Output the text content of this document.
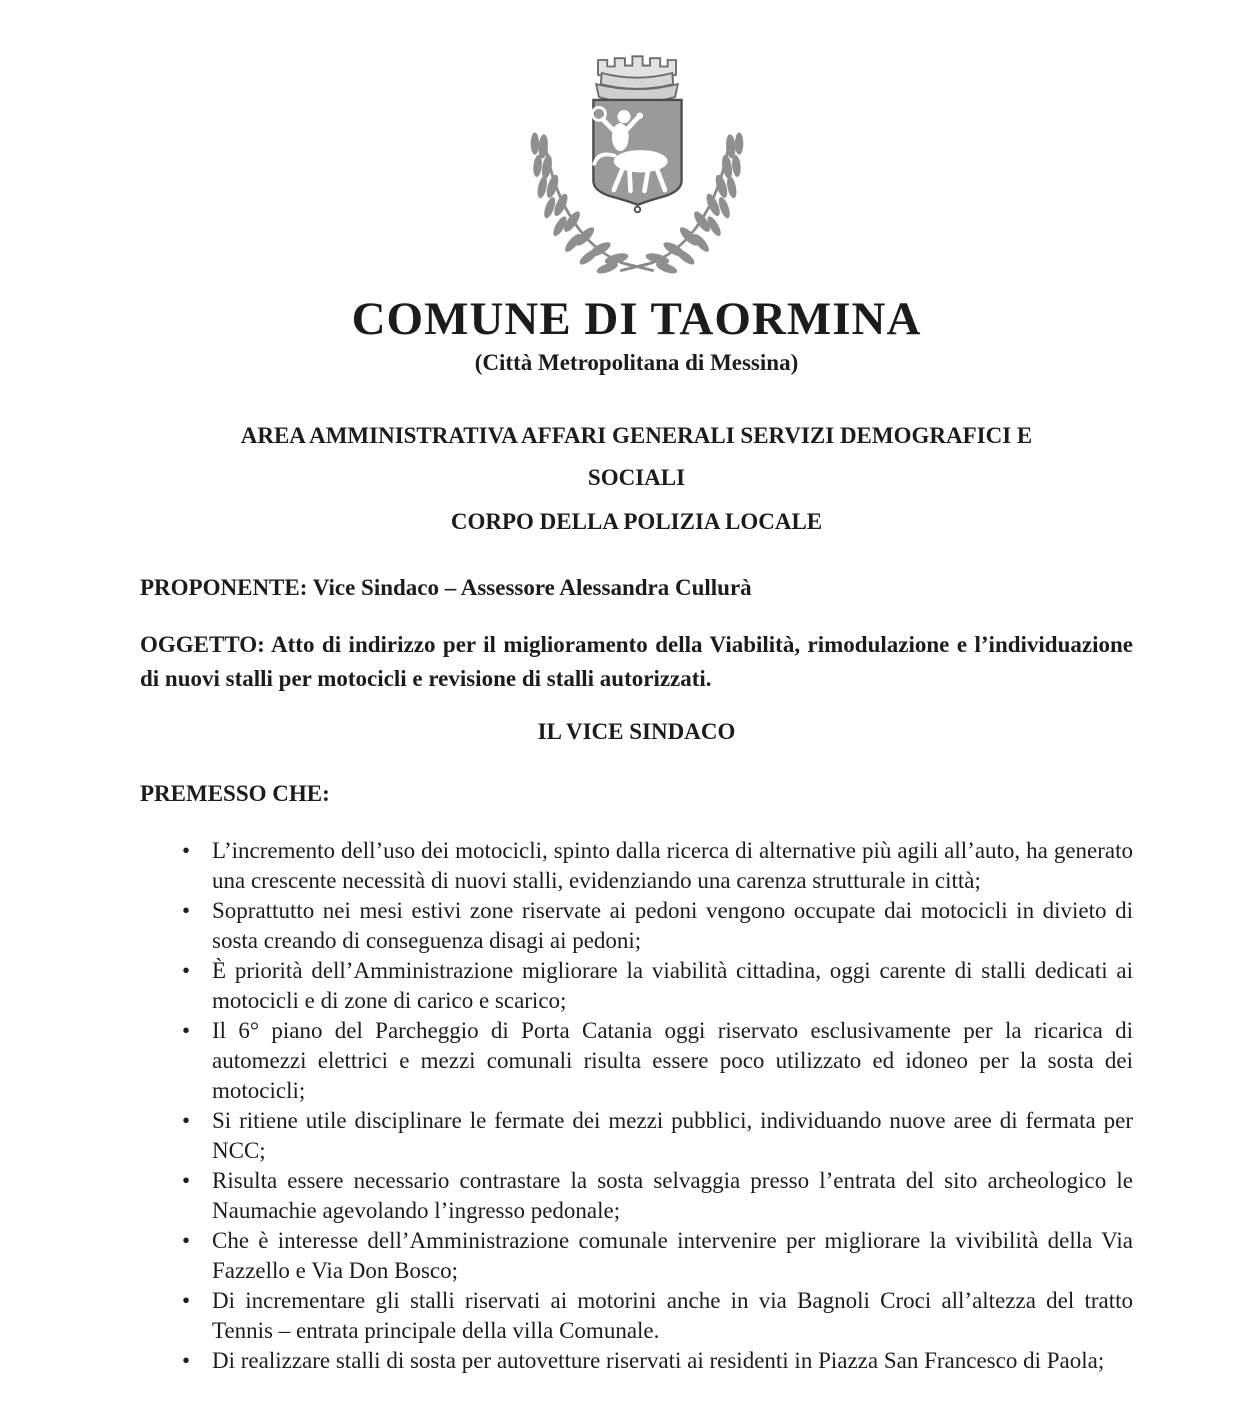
COMUNE DI TAORMINA
(Città Metropolitana di Messina)
AREA AMMINISTRATIVA AFFARI GENERALI SERVIZI DEMOGRAFICI E
SOCIALI
CORPO DELLA POLIZIA LOCALE
PROPONENTE: Vice Sindaco – Assessore Alessandra Cullurà
OGGETTO: Atto di indirizzo per il miglioramento della Viabilità, rimodulazione e l’individuazione di nuovi stalli per motocicli e revisione di stalli autorizzati.
IL VICE SINDACO
PREMESSO CHE:
• L’incremento dell’uso dei motocicli, spinto dalla ricerca di alternative più agili all’auto, ha generato una crescente necessità di nuovi stalli, evidenziando una carenza strutturale in città;
• Soprattutto nei mesi estivi zone riservate ai pedoni vengono occupate dai motocicli in divieto di sosta creando di conseguenza disagi ai pedoni;
• È priorità dell’Amministrazione migliorare la viabilità cittadina, oggi carente di stalli dedicati ai motocicli e di zone di carico e scarico;
• Il 6° piano del Parcheggio di Porta Catania oggi riservato esclusivamente per la ricarica di automezzi elettrici e mezzi comunali risulta essere poco utilizzato ed idoneo per la sosta dei motocicli;
• Si ritiene utile disciplinare le fermate dei mezzi pubblici, individuando nuove aree di fermata per NCC;
• Risulta essere necessario contrastare la sosta selvaggia presso l’entrata del sito archeologico le Naumachie agevolando l’ingresso pedonale;
• Che è interesse dell’Amministrazione comunale intervenire per migliorare la vivibilità della Via Fazzello e Via Don Bosco;
• Di incrementare gli stalli riservati ai motorini anche in via Bagnoli Croci all’altezza del tratto Tennis – entrata principale della villa Comunale.
• Di realizzare stalli di sosta per autovetture riservati ai residenti in Piazza San Francesco di Paola;
